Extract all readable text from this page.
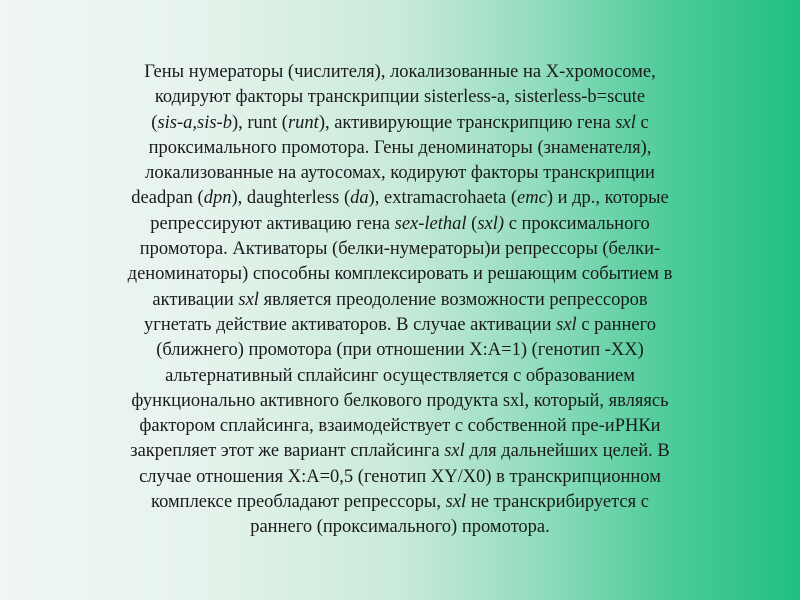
Гены нумераторы (числителя), локализованные на X-хромосоме,
кодируют факторы транскрипции sisterless-a, sisterless-b=scute
(sis-a,sis-b), runt (runt), активирующие транскрипцию гена sxl с
проксимального промотора. Гены деноминаторы (знаменателя),
локализованные на аутосомах, кодируют факторы транскрипции
deadpan (dpn), daughterless (da), extramacrohaeta (emc) и др., которые
репрессируют активацию гена sex-lethal (sxl) с проксимального
промотора. Активаторы (белки-нумераторы)и репрессоры (белки-
деноминаторы) способны комплексировать и решающим событием в
активации sxl является преодоление возможности репрессоров
угнетать действие активаторов. В случае активации sxl с раннего
(ближнего) промотора (при отношении Х:А=1) (генотип -ХХ)
альтернативный сплайсинг осуществляется с образованием
функционально активного белкового продукта sxl, который, являясь
фактором сплайсинга, взаимодействует с собственной пре-иРНКи
закрепляет этот же вариант сплайсинга sxl для дальнейших целей. В
случае отношения Х:А=0,5 (генотип XY/X0) в транскрипционном
комплексе преобладают репрессоры, sxl не транскрибируется с
раннего (проксимального) промотора.
